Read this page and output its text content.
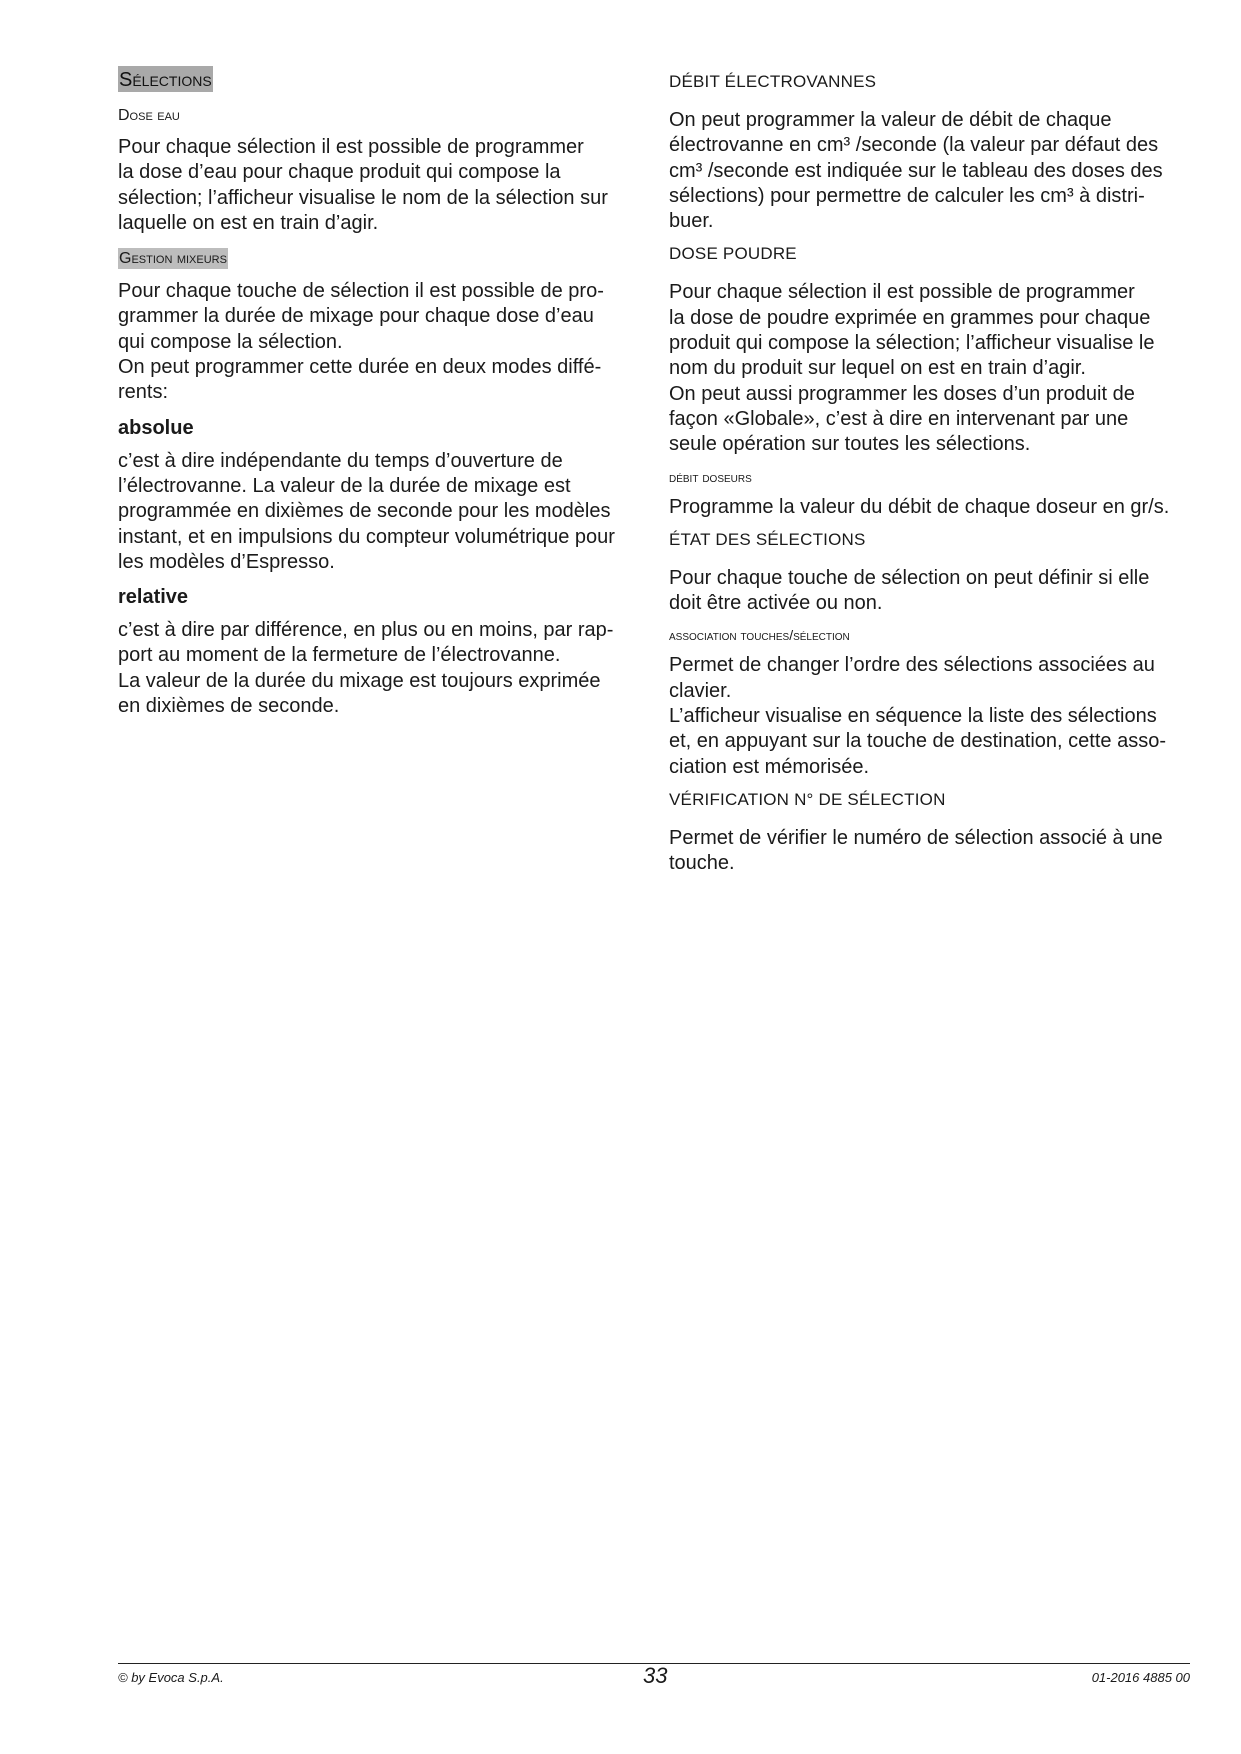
Sélections
Dose eau

Pour chaque sélection il est possible de programmer
la dose d’eau pour chaque produit qui compose la
sélection; l’afficheur visualise le nom de la sélection sur
laquelle on est en train d’agir.

Gestion mixeurs

Pour chaque touche de sélection il est possible de pro-
grammer la durée de mixage pour chaque dose d’eau
qui compose la sélection.
On peut programmer cette durée en deux modes diffé-
rents:

absolue

c’est à dire indépendante du temps d’ouverture de
l’électrovanne. La valeur de la durée de mixage est
programmée en dixièmes de seconde pour les modèles
instant, et en impulsions du compteur volumétrique pour
les modèles d’Espresso.

relative

c’est à dire par différence, en plus ou en moins, par rap-
port au moment de la fermeture de l’électrovanne.
La valeur de la durée du mixage est toujours exprimée
en dixièmes de seconde.

DÉBIT ÉLECTROVANNES

On peut programmer la valeur de débit de chaque
électrovanne en cm³ /seconde (la valeur par défaut des
cm³ /seconde est indiquée sur le tableau des doses des
sélections) pour permettre de calculer les cm³ à distri-
buer.

DOSE POUDRE

Pour chaque sélection il est possible de programmer
la dose de poudre exprimée en grammes pour chaque
produit qui compose la sélection; l’afficheur visualise le
nom du produit sur lequel on est en train d’agir.
On peut aussi programmer les doses d’un produit de
façon «Globale», c’est à dire en intervenant par une
seule opération sur toutes les sélections.

débit doseurs

Programme la valeur du débit de chaque doseur en gr/s.

ÉTAT DES SÉLECTIONS

Pour chaque touche de sélection on peut définir si elle
doit être activée ou non.

association touches/sélection

Permet de changer l’ordre des sélections associées au
clavier.
L’afficheur visualise en séquence la liste des sélections
et, en appuyant sur la touche de destination, cette asso-
ciation est mémorisée.

VÉRIFICATION N° DE SÉLECTION

Permet de vérifier le numéro de sélection associé à une
touche.

© by Evoca S.p.A.	33	01-2016 4885 00
